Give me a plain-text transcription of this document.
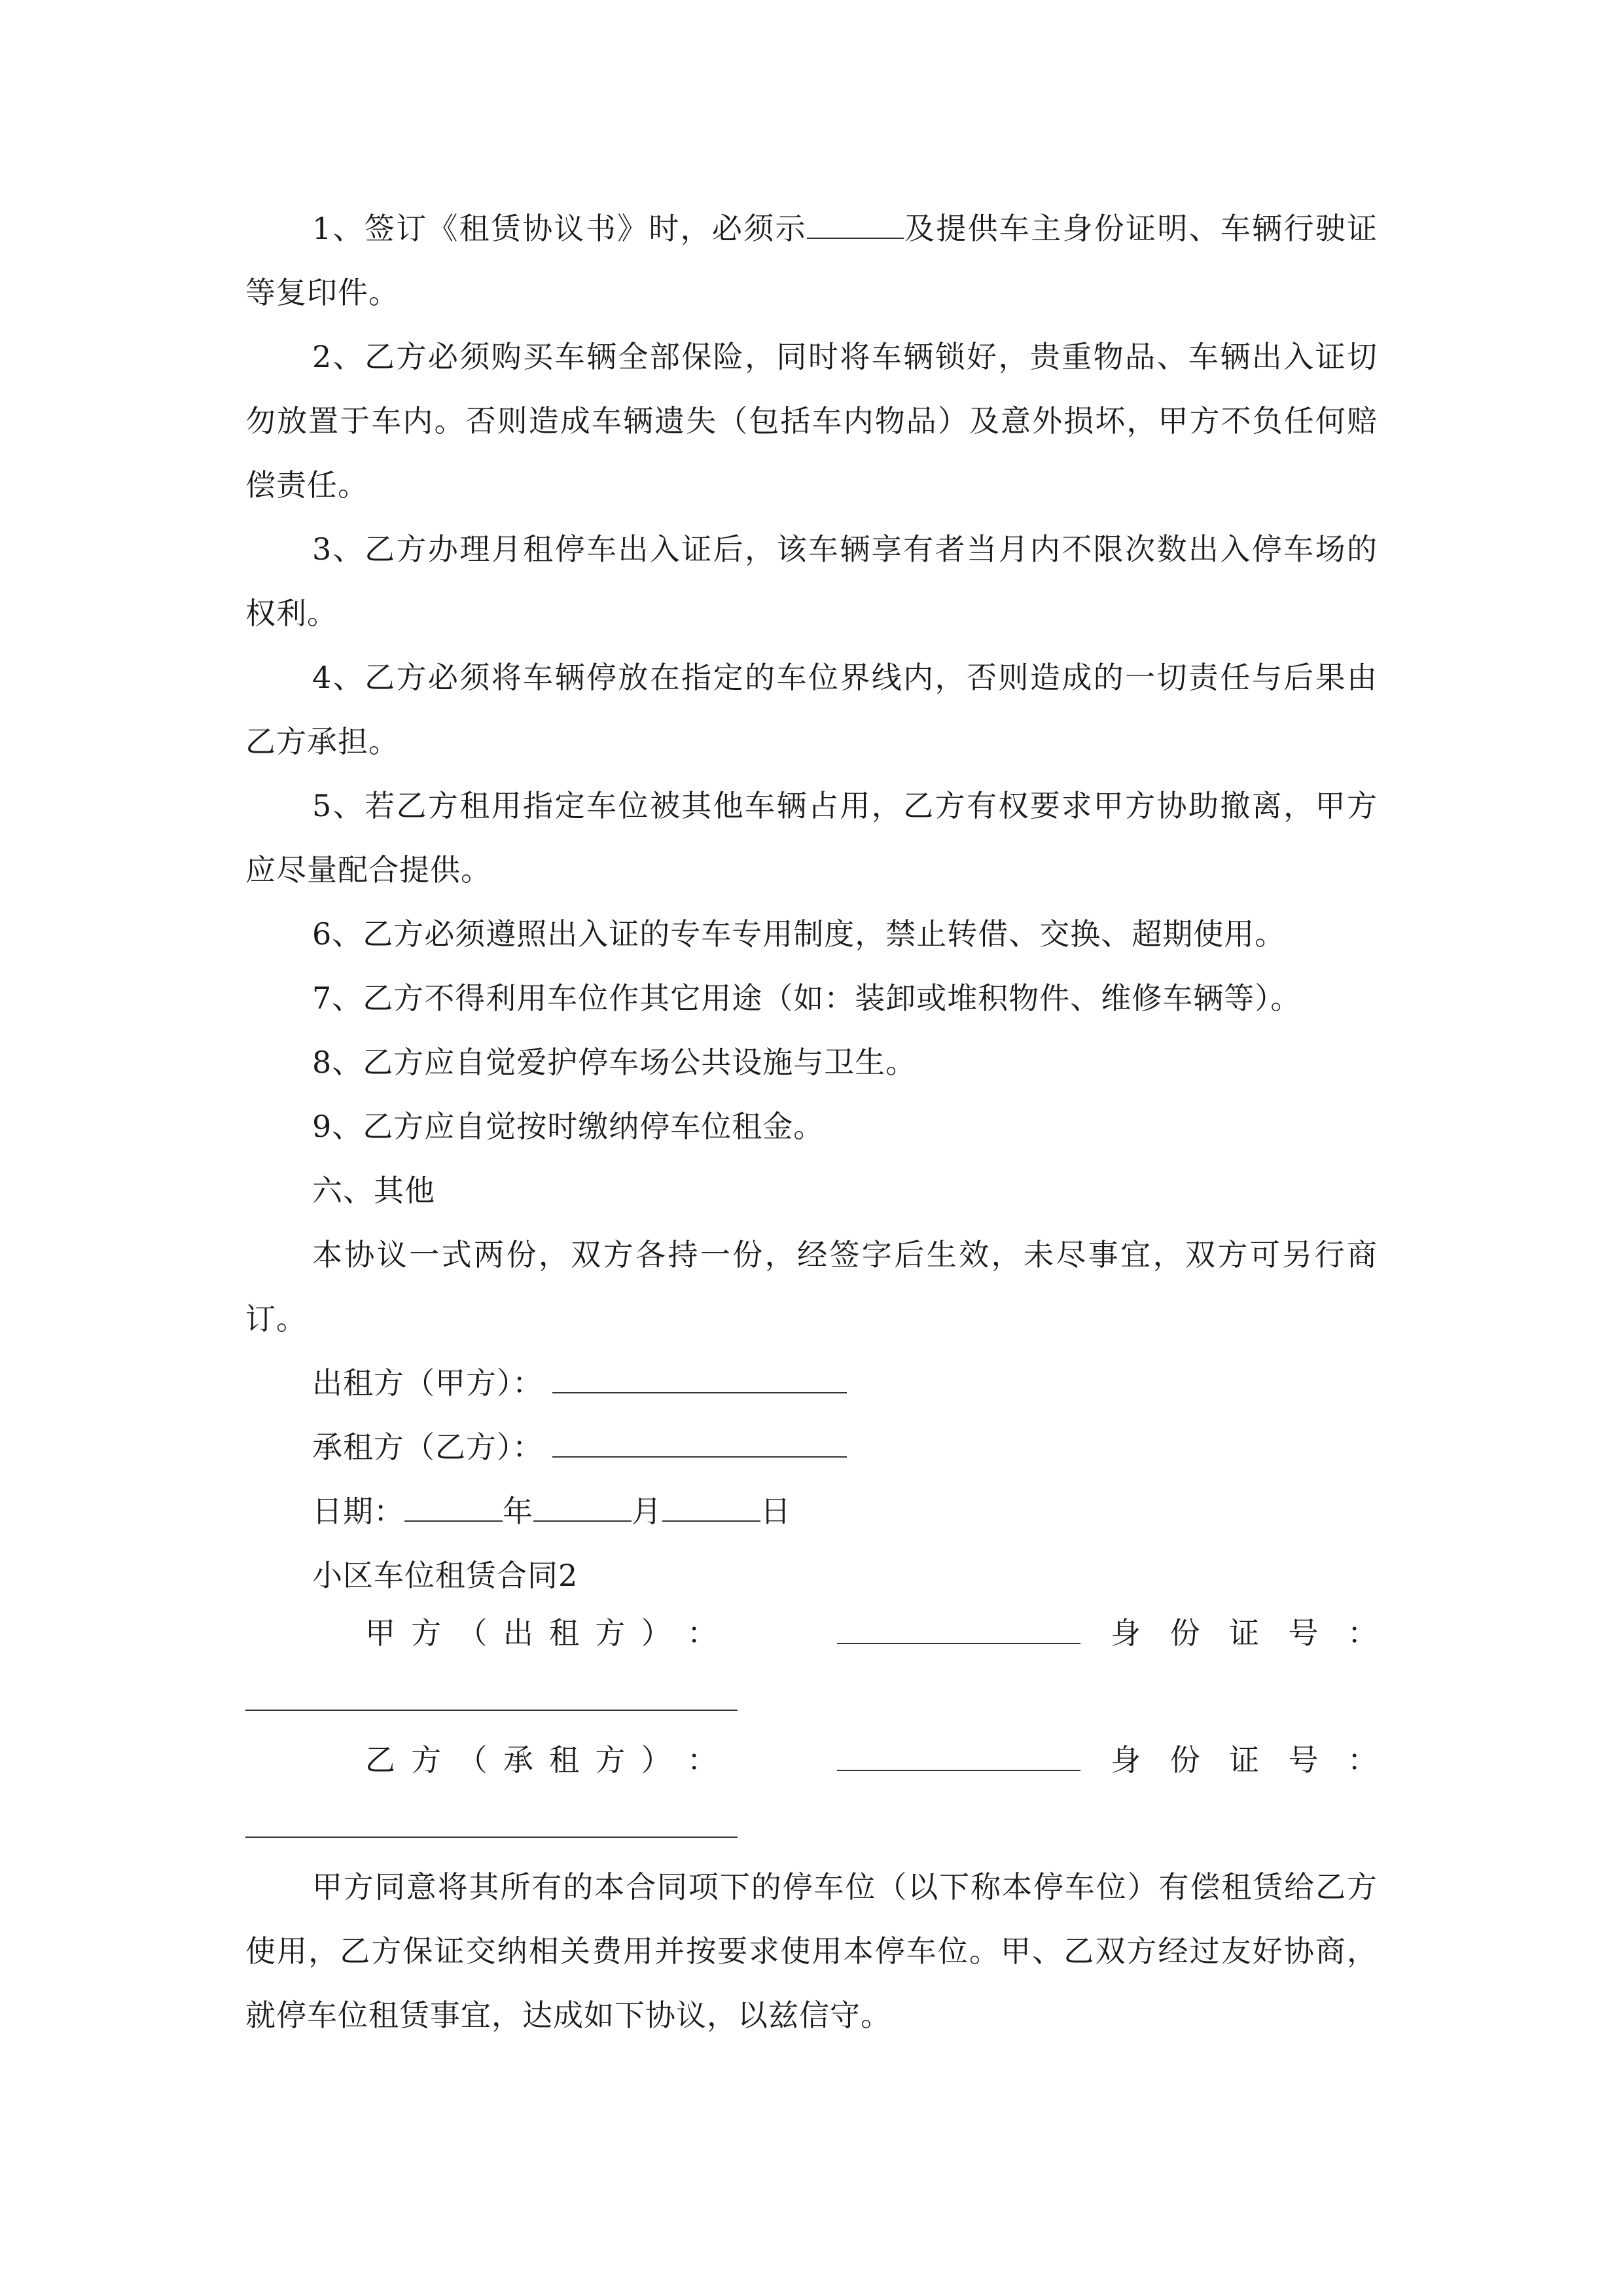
1、签订《租赁协议书》时，必须示	及提供车主身份证明、车辆行驶证等复印件。

2、乙方必须购买车辆全部保险，同时将车辆锁好，贵重物品、车辆出入证切勿放置于车内。否则造成车辆遗失（包括车内物品）及意外损坏，甲方不负任何赔偿责任。

3、乙方办理月租停车出入证后，该车辆享有者当月内不限次数出入停车场的权利。

4、乙方必须将车辆停放在指定的车位界线内，否则造成的一切责任与后果由乙方承担。

5、若乙方租用指定车位被其他车辆占用，乙方有权要求甲方协助撤离，甲方应尽量配合提供。

6、乙方必须遵照出入证的专车专用制度，禁止转借、交换、超期使用。

7、乙方不得利用车位作其它用途（如：装卸或堆积物件、维修车辆等）。

8、乙方应自觉爱护停车场公共设施与卫生。

9、乙方应自觉按时缴纳停车位租金。

六、其他

本协议一式两份，双方各持一份，经签字后生效，未尽事宜，双方可另行商订。

出租方（甲方）：

承租方（乙方）：

日期：	年	月	日

小区车位租赁合同2

甲 方 （ 出 租 方 ） ：	身 份 证 号 ：
乙 方 （ 承 租 方 ） ：	身 份 证 号 ：

甲方同意将其所有的本合同项下的停车位（以下称本停车位）有偿租赁给乙方使用，乙方保证交纳相关费用并按要求使用本停车位。甲、乙双方经过友好协商，就停车位租赁事宜，达成如下协议，以兹信守。
